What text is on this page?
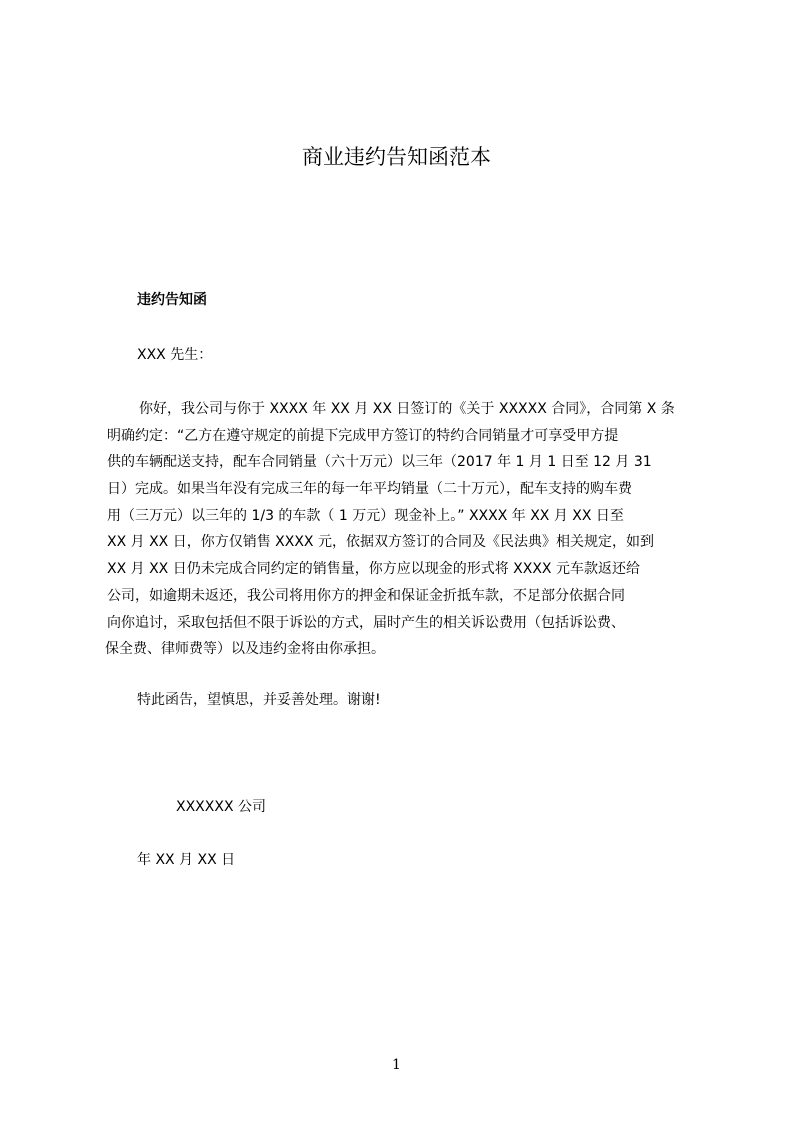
商业违约告知函范本
违约告知函
XXX 先生：
你好，我公司与你于 XXXX 年 XX 月 XX 日签订的《关于 XXXXX 合同》，合同第 X 条
明确约定：“乙方在遵守规定的前提下完成甲方签订的特约合同销量才可享受甲方提
供的车辆配送支持，配车合同销量（六十万元）以三年（2017 年 1 月 1 日至 12 月 31
日）完成。如果当年没有完成三年的每一年平均销量（二十万元），配车支持的购车费
用（三万元）以三年的 1/3 的车款（ 1 万元）现金补上。” XXXX 年 XX 月 XX 日至
XX 月 XX 日，你方仅销售 XXXX 元，依据双方签订的合同及《民法典》相关规定，如到
XX 月 XX 日仍未完成合同约定的销售量，你方应以现金的形式将 XXXX 元车款返还给
公司，如逾期未返还，我公司将用你方的押金和保证金折抵车款，不足部分依据合同
向你追讨，采取包括但不限于诉讼的方式，届时产生的相关诉讼费用（包括诉讼费、
保全费、律师费等）以及违约金将由你承担。
特此函告，望慎思，并妥善处理。谢谢!
XXXXXX 公司
年 XX 月 XX 日
1
